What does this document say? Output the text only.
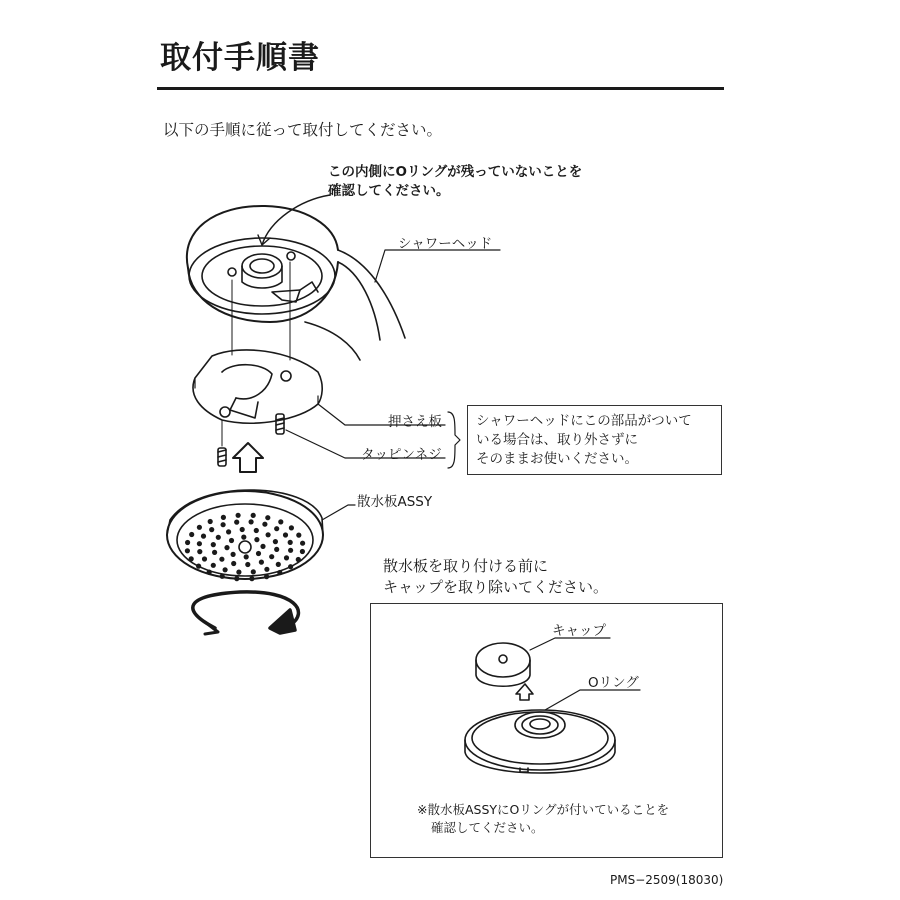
取付手順書
以下の手順に従って取付してください。
この内側にOリングが残っていないことを
確認してください。
シャワーヘッド
押さえ板
タッピンネジ
散水板ASSY
シャワーヘッドにこの部品がついて
いる場合は、取り外さずに
そのままお使いください。
散水板を取り付ける前に
キャップを取り除いてください。
キャップ
Oリング
※散水板ASSYにOリングが付いていることを
確認してください。
PMS−2509(18030)
